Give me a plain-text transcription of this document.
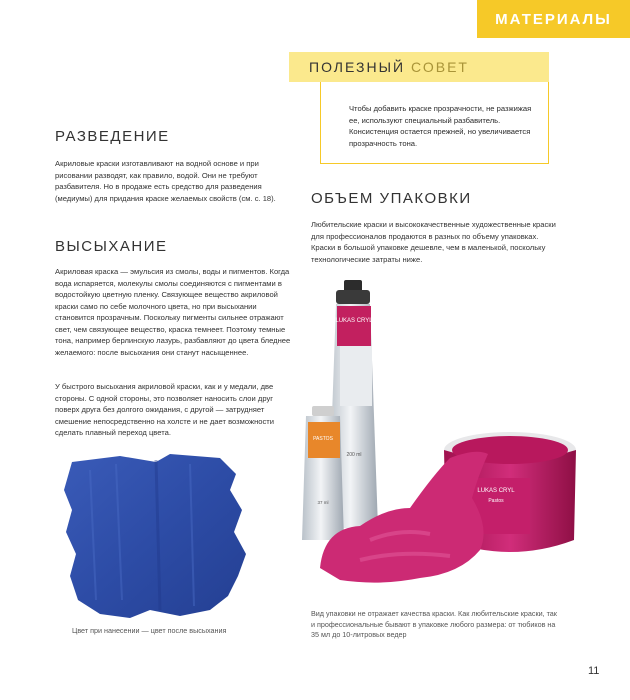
МАТЕРИАЛЫ
ПОЛЕЗНЫЙ СОВЕТ

Чтобы добавить краске прозрачности, не разжижая ее, используют специальный разбавитель. Консистенция остается прежней, но увеличивается прозрачность тона.

РАЗВЕДЕНИЕ

Акриловые краски изготавливают на водной основе и при рисовании разводят, как правило, водой. Они не требуют разбавителя. Но в продаже есть средство для разведения (медиумы) для придания краске желаемых свойств (см. с. 18).

ВЫСЫХАНИЕ

Акриловая краска — эмульсия из смолы, воды и пигментов. Когда вода испаряется, молекулы смолы соединяются с пигментами в водостойкую цветную пленку. Связующее вещество акриловой краски само по себе молочного цвета, но при высыхании становится прозрачным. Поскольку пигменты сильнее отражают свет, чем связующее вещество, краска темнеет. Поэтому темные тона, например берлинскую лазурь, разбавляют до цвета бледнее желаемого: после высыхания они станут насыщеннее.

У быстрого высыхания акриловой краски, как и у медали, две стороны. С одной стороны, это позволяет наносить слои друг поверх друга без долгого ожидания, с другой — затрудняет смешение непосредственно на холсте и не дает возможности сделать плавный переход цвета.

ОБЪЕМ УПАКОВКИ

Любительские краски и высококачественные художественные краски для профессионалов продаются в разных по объему упаковках. Краски в большой упаковке дешевле, чем в маленькой, поскольку технологические затраты ниже.

Цвет при нанесении — цвет после высыхания

LUKAS CRYL
200 ml
PASTOS
37 ml
LUKAS CRYL
Pastos

Вид упаковки не отражает качества краски. Как любительские краски, так и профессиональные бывают в упаковке любого размера: от тюбиков на 35 мл до 10-литровых ведер

11
